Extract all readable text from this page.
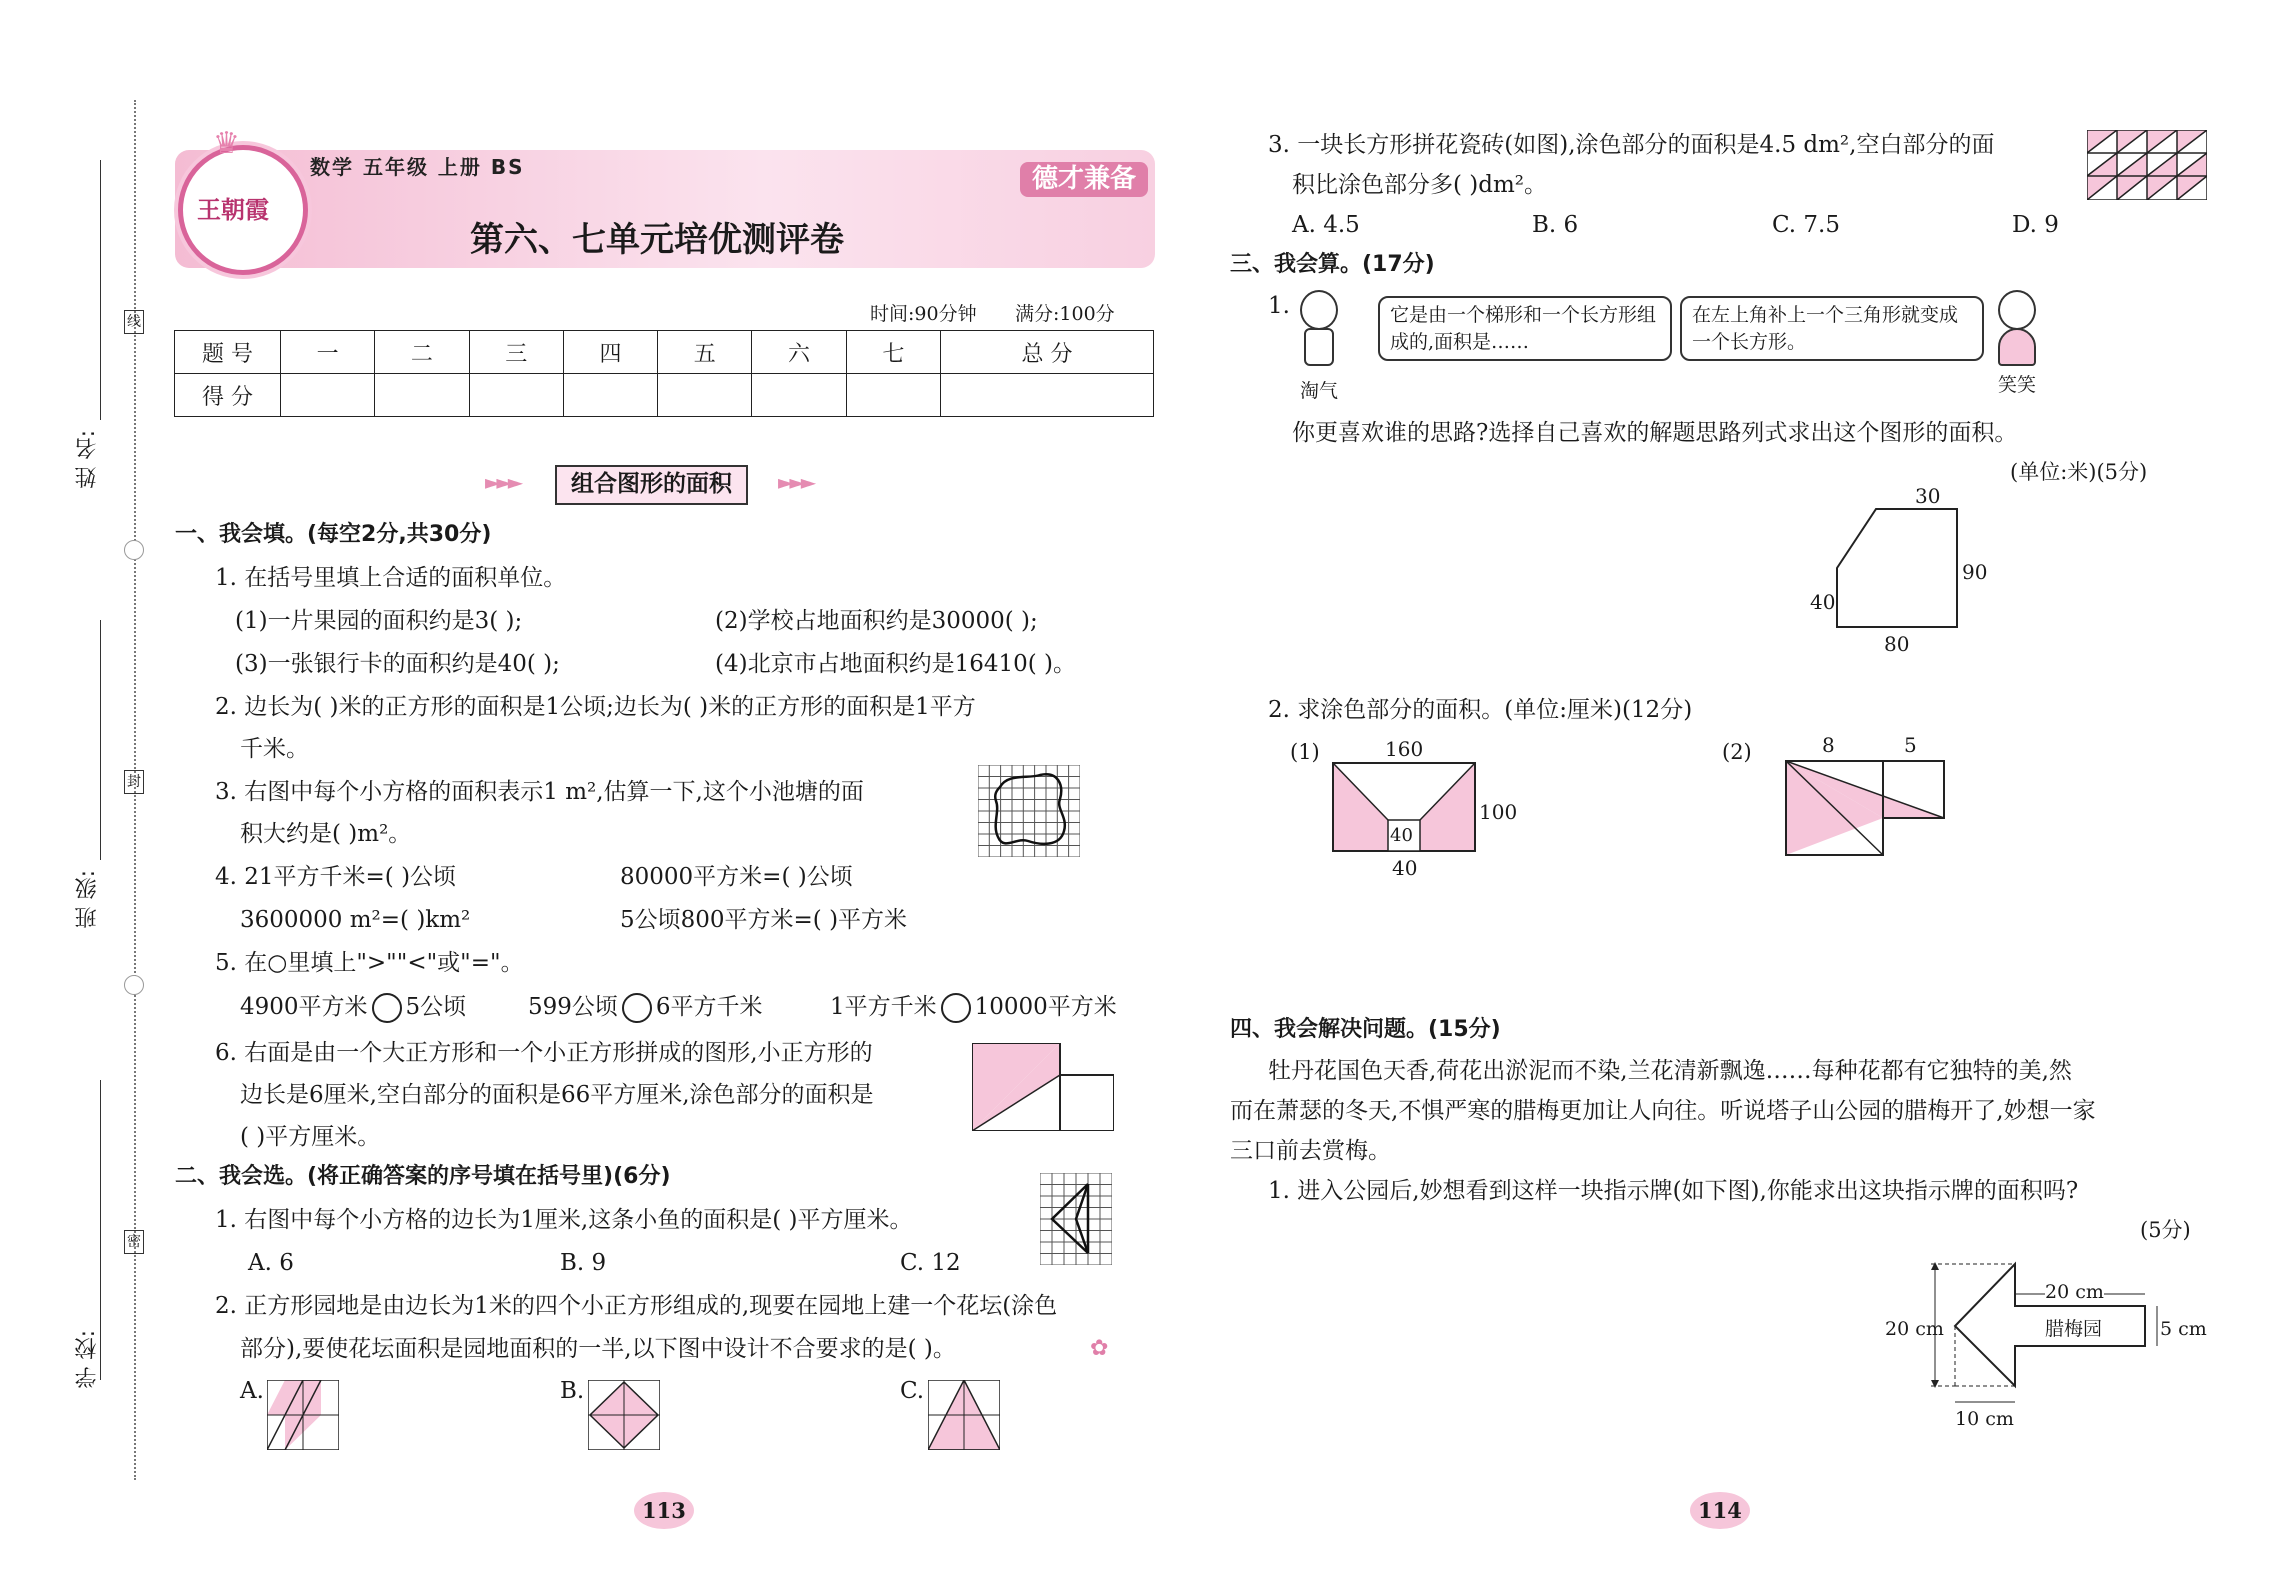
姓 名:
班 级:
学 校:
线
封
密
王朝霞
♛
数学 五年级 上册 BS	德才兼备
第六、七单元培优测评卷
时间:90分钟 满分:100分
题 号	一	二	三	四	五	六	七	总 分
得 分								
►►►	组合图形的面积	►►►
一、我会填。(每空2分,共30分)
1. 在括号里填上合适的面积单位。
(1)一片果园的面积约是3( );	(2)学校占地面积约是30000( );
(3)一张银行卡的面积约是40( );	(4)北京市占地面积约是16410( )。
2. 边长为( )米的正方形的面积是1公顷;边长为( )米的正方形的面积是1平方
千米。
3. 右图中每个小方格的面积表示1 m²,估算一下,这个小池塘的面
积大约是( )m²。
4. 21平方千米=( )公顷	80000平方米=( )公顷
3600000 m²=( )km²	5公顷800平方米=( )平方米
5. 在○里填上">""<"或"="。
4900平方米 5公顷	599公顷 6平方千米	1平方千米 10000平方米
6. 右面是由一个大正方形和一个小正方形拼成的图形,小正方形的
边长是6厘米,空白部分的面积是66平方厘米,涂色部分的面积是
( )平方厘米。
二、我会选。(将正确答案的序号填在括号里)(6分)
1. 右图中每个小方格的边长为1厘米,这条小鱼的面积是( )平方厘米。
A. 6	B. 9	C. 12
2. 正方形园地是由边长为1米的四个小正方形组成的,现要在园地上建一个花坛(涂色
部分),要使花坛面积是园地面积的一半,以下图中设计不合要求的是( )。	✿
A.	B.	C.
113
3. 一块长方形拼花瓷砖(如图),涂色部分的面积是4.5 dm²,空白部分的面
积比涂色部分多( )dm²。
A. 4.5	B. 6	C. 7.5	D. 9
三、我会算。(17分)
1.
淘气
它是由一个梯形和一个长方形组成的,面积是……
在左上角补上一个三角形就变成一个长方形。
笑笑
你更喜欢谁的思路?选择自己喜欢的解题思路列式求出这个图形的面积。
(单位:米)(5分)
30
90
40
80
2. 求涂色部分的面积。(单位:厘米)(12分)
(1)	(2)
160
100
40
40
8	5
四、我会解决问题。(15分)
牡丹花国色天香,荷花出淤泥而不染,兰花清新飘逸……每种花都有它独特的美,然
而在萧瑟的冬天,不惧严寒的腊梅更加让人向往。听说塔子山公园的腊梅开了,妙想一家
三口前去赏梅。
1. 进入公园后,妙想看到这样一块指示牌(如下图),你能求出这块指示牌的面积吗?
(5分)
20 cm
20 cm	腊梅园	5 cm
10 cm
114
